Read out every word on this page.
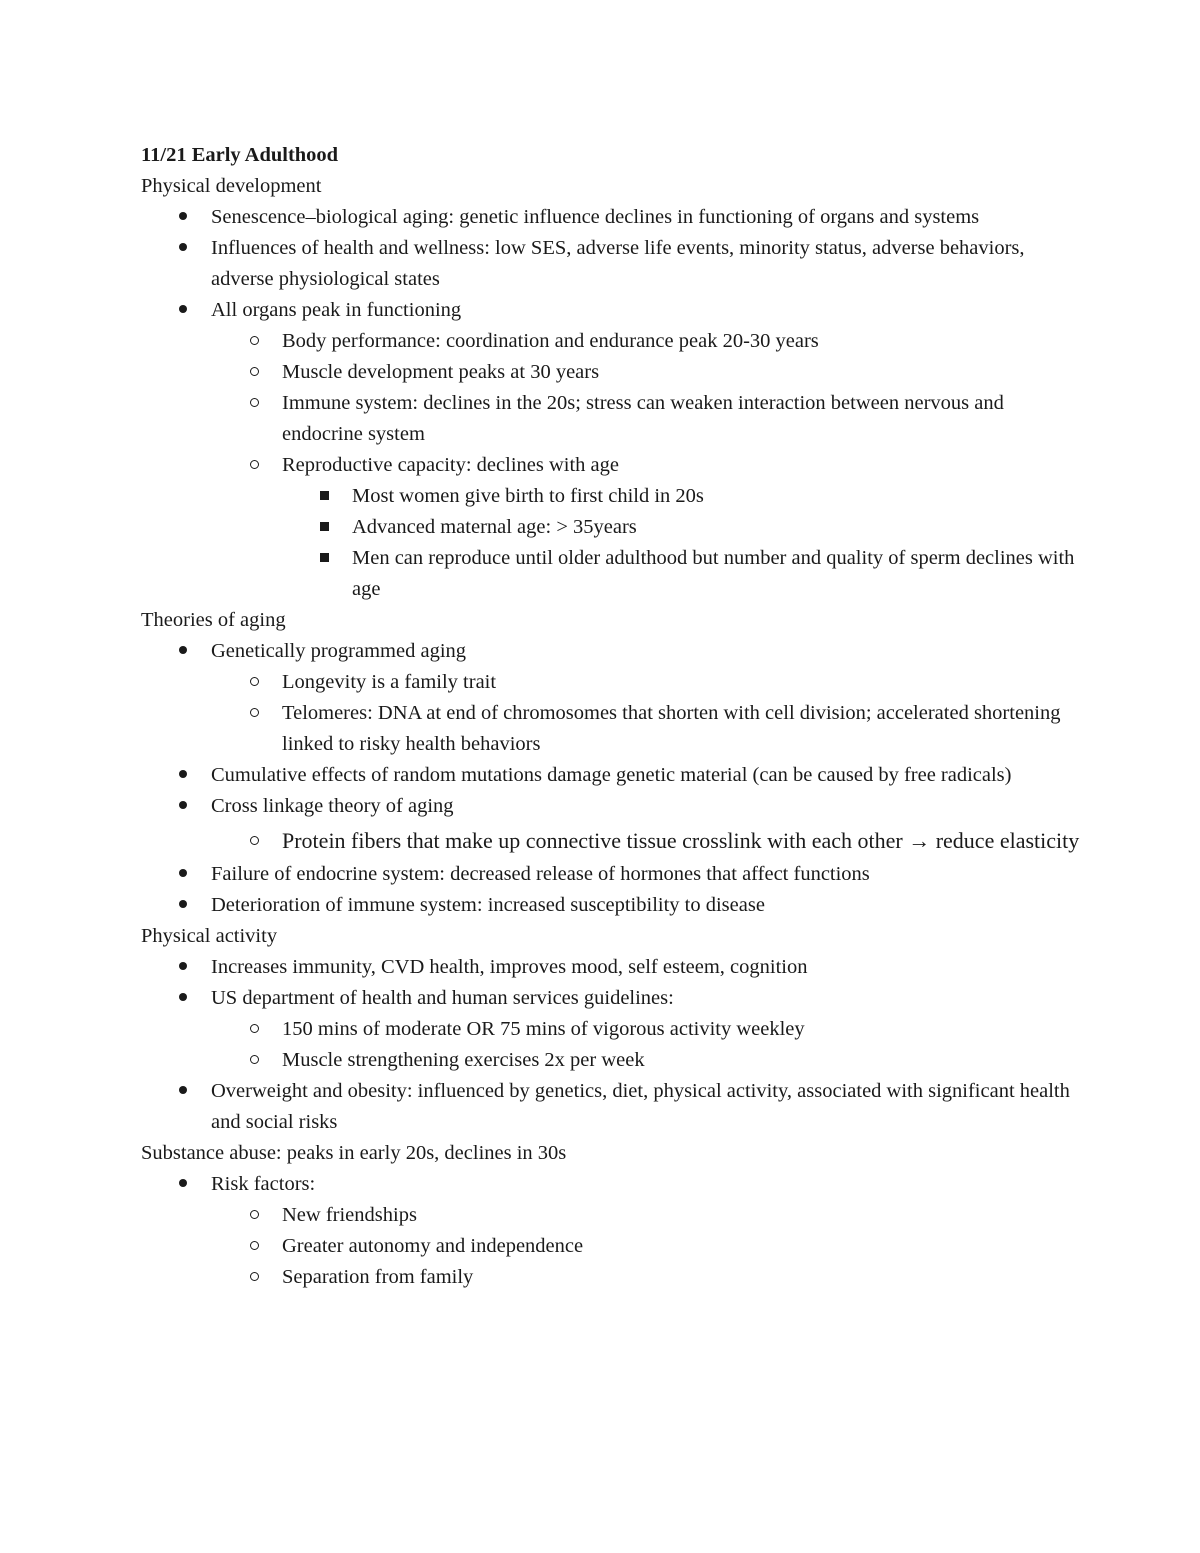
11/21 Early Adulthood
Physical development
Senescence–biological aging: genetic influence declines in functioning of organs and systems
Influences of health and wellness: low SES, adverse life events, minority status, adverse behaviors, adverse physiological states
All organs peak in functioning
Body performance: coordination and endurance peak 20-30 years
Muscle development peaks at 30 years
Immune system: declines in the 20s; stress can weaken interaction between nervous and endocrine system
Reproductive capacity: declines with age
Most women give birth to first child in 20s
Advanced maternal age: > 35years
Men can reproduce until older adulthood but number and quality of sperm declines with age
Theories of aging
Genetically programmed aging
Longevity is a family trait
Telomeres: DNA at end of chromosomes that shorten with cell division; accelerated shortening linked to risky health behaviors
Cumulative effects of random mutations damage genetic material (can be caused by free radicals)
Cross linkage theory of aging
Protein fibers that make up connective tissue crosslink with each other → reduce elasticity
Failure of endocrine system: decreased release of hormones that affect functions
Deterioration of immune system: increased susceptibility to disease
Physical activity
Increases immunity, CVD health, improves mood, self esteem, cognition
US department of health and human services guidelines:
150 mins of moderate OR 75 mins of vigorous activity weekley
Muscle strengthening exercises 2x per week
Overweight and obesity: influenced by genetics, diet, physical activity, associated with significant health and social risks
Substance abuse: peaks in early 20s, declines in 30s
Risk factors:
New friendships
Greater autonomy and independence
Separation from family
